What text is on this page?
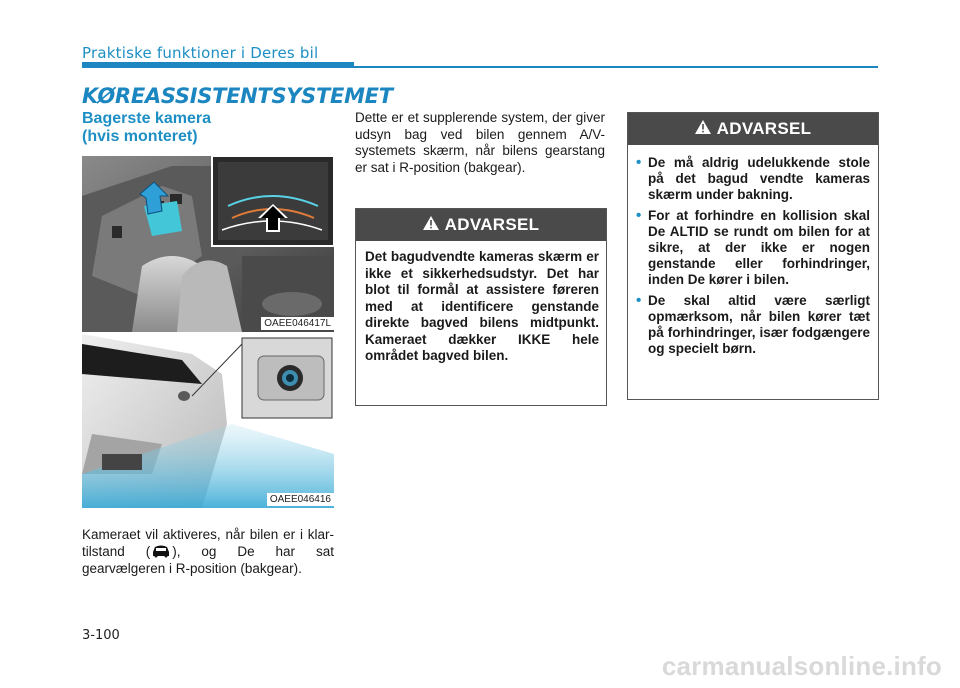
Praktiske funktioner i Deres bil
KØREASSISTENTSYSTEMET
Bagerste kamera
(hvis monteret)
OAEE046417L
OAEE046416
Kameraet vil aktiveres, når bilen er i klar-tilstand ( ), og De har sat gearvælgeren i R-position (bakgear).
Dette er et supplerende system, der giver udsyn bag ved bilen gennem A/V-systemets skærm, når bilens gearstang er sat i R-position (bakgear).
ADVARSEL
Det bagudvendte kameras skærm er ikke et sikkerhedsudstyr. Det har blot til formål at assistere føreren med at identificere genstande direkte bagved bilens midtpunkt. Kameraet dækker IKKE hele området bagved bilen.
ADVARSEL
• De må aldrig udelukkende stole på det bagud vendte kameras skærm under bakning.
• For at forhindre en kollision skal De ALTID se rundt om bilen for at sikre, at der ikke er nogen genstande eller forhindringer, inden De kører i bilen.
• De skal altid være særligt opmærksom, når bilen kører tæt på forhindringer, især fodgængere og specielt børn.
3-100
carmanualsonline.info
